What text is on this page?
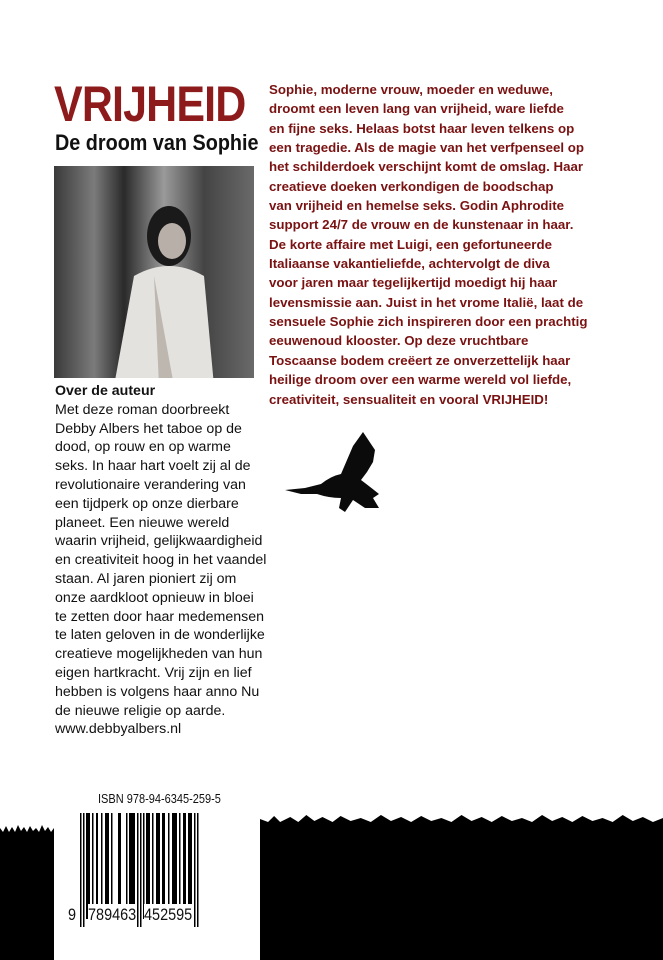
VRIJHEID
De droom van Sophie
Over de auteur
Met deze roman doorbreekt Debby Albers het taboe op de dood, op rouw en op warme seks. In haar hart voelt zij al de revolutionaire verandering van een tijdperk op onze dierbare planeet. Een nieuwe wereld waarin vrijheid, gelijkwaardigheid en creativiteit hoog in het vaandel staan. Al jaren pioniert zij om onze aardkloot opnieuw in bloei te zetten door haar medemensen te laten geloven in de wonderlijke creatieve mogelijkheden van hun eigen hartkracht. Vrij zijn en lief hebben is volgens haar anno Nu de nieuwe religie op aarde.
www.debbyalbers.nl
Sophie, moderne vrouw, moeder en weduwe,
droomt een leven lang van vrijheid, ware liefde
en fijne seks. Helaas botst haar leven telkens op
een tragedie. Als de magie van het verfpenseel op
het schilderdoek verschijnt komt de omslag. Haar
creatieve doeken verkondigen de boodschap
van vrijheid en hemelse seks. Godin Aphrodite
support 24/7 de vrouw en de kunstenaar in haar.
De korte affaire met Luigi, een gefortuneerde
Italiaanse vakantieliefde, achtervolgt de diva
voor jaren maar tegelijkertijd moedigt hij haar
levensmissie aan. Juist in het vrome Italië, laat de
sensuele Sophie zich inspireren door een prachtig
eeuwenoud klooster. Op deze vruchtbare
Toscaanse bodem creëert ze onverzettelijk haar
heilige droom over een warme wereld vol liefde,
creativiteit, sensualiteit en vooral VRIJHEID!
ISBN 978-94-6345-259-5
9 789463 452595
